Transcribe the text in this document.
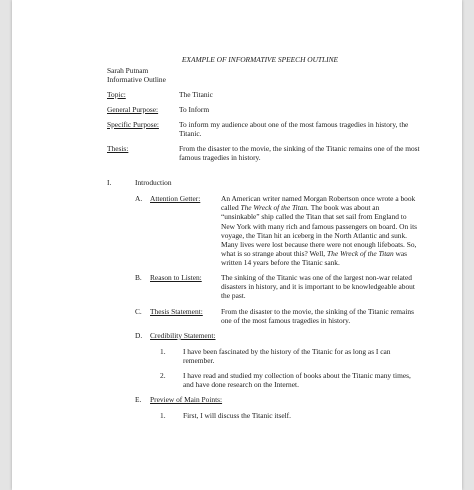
EXAMPLE OF INFORMATIVE SPEECH OUTLINE
Sarah Putnam
Informative Outline
Topic:	The Titanic
General Purpose:	To Inform
Specific Purpose:	To inform my audience about one of the most famous tragedies in history, the Titanic.
Thesis:	From the disaster to the movie, the sinking of the Titanic remains one of the most famous tragedies in history.
I.	Introduction
A. Attention Getter:	An American writer named Morgan Robertson once wrote a book called The Wreck of the Titan. The book was about an “unsinkable” ship called the Titan that set sail from England to New York with many rich and famous passengers on board. On its voyage, the Titan hit an iceberg in the North Atlantic and sunk. Many lives were lost because there were not enough lifeboats. So, what is so strange about this? Well, The Wreck of the Titan was written 14 years before the Titanic sank.
B. Reason to Listen:	The sinking of the Titanic was one of the largest non-war related disasters in history, and it is important to be knowledgeable about the past.
C. Thesis Statement: From the disaster to the movie, the sinking of the Titanic remains one of the most famous tragedies in history.
D. Credibility Statement:
1. I have been fascinated by the history of the Titanic for as long as I can remember.
2. I have read and studied my collection of books about the Titanic many times, and have done research on the Internet.
E. Preview of Main Points:
1. First, I will discuss the Titanic itself.
